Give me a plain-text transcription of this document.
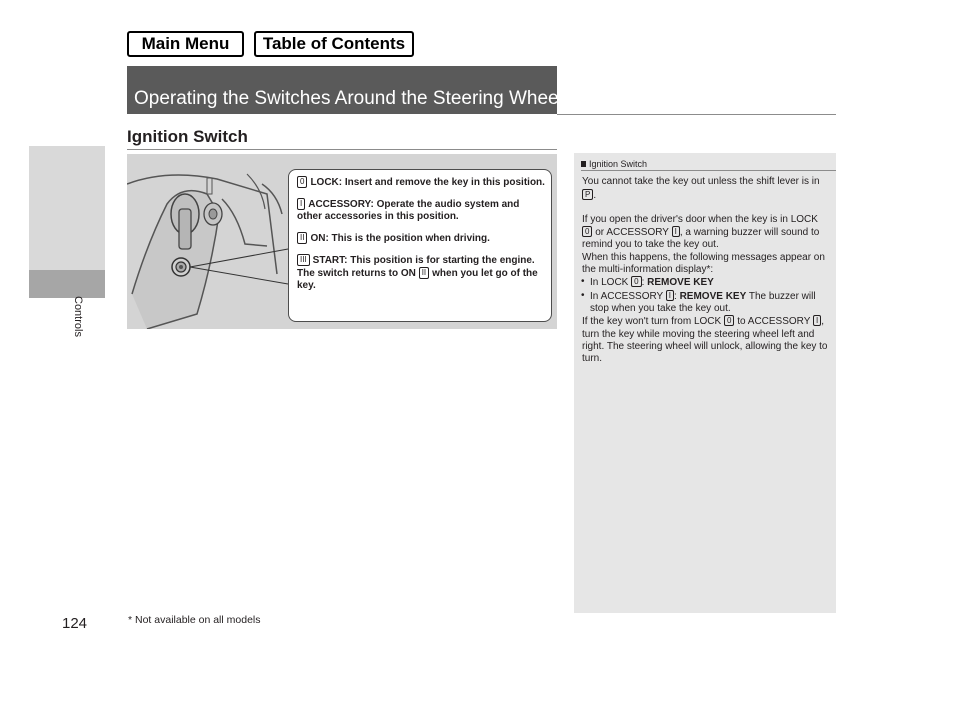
Main Menu	Table of Contents
Controls
124	* Not available on all models
Operating the Switches Around the Steering Wheel
Ignition Switch
0 LOCK: Insert and remove the key in this position.
I ACCESSORY: Operate the audio system and other accessories in this position.
II ON: This is the position when driving.
III START: This position is for starting the engine. The switch returns to ON II when you let go of the key.
Ignition Switch
You cannot take the key out unless the shift lever is in P .
If you open the driver's door when the key is in LOCK 0 or ACCESSORY I , a warning buzzer will sound to remind you to take the key out.
When this happens, the following messages appear on the multi-information display*:
• In LOCK 0 : REMOVE KEY
• In ACCESSORY I : REMOVE KEY The buzzer will stop when you take the key out.
If the key won't turn from LOCK 0 to ACCESSORY I , turn the key while moving the steering wheel left and right. The steering wheel will unlock, allowing the key to turn.
